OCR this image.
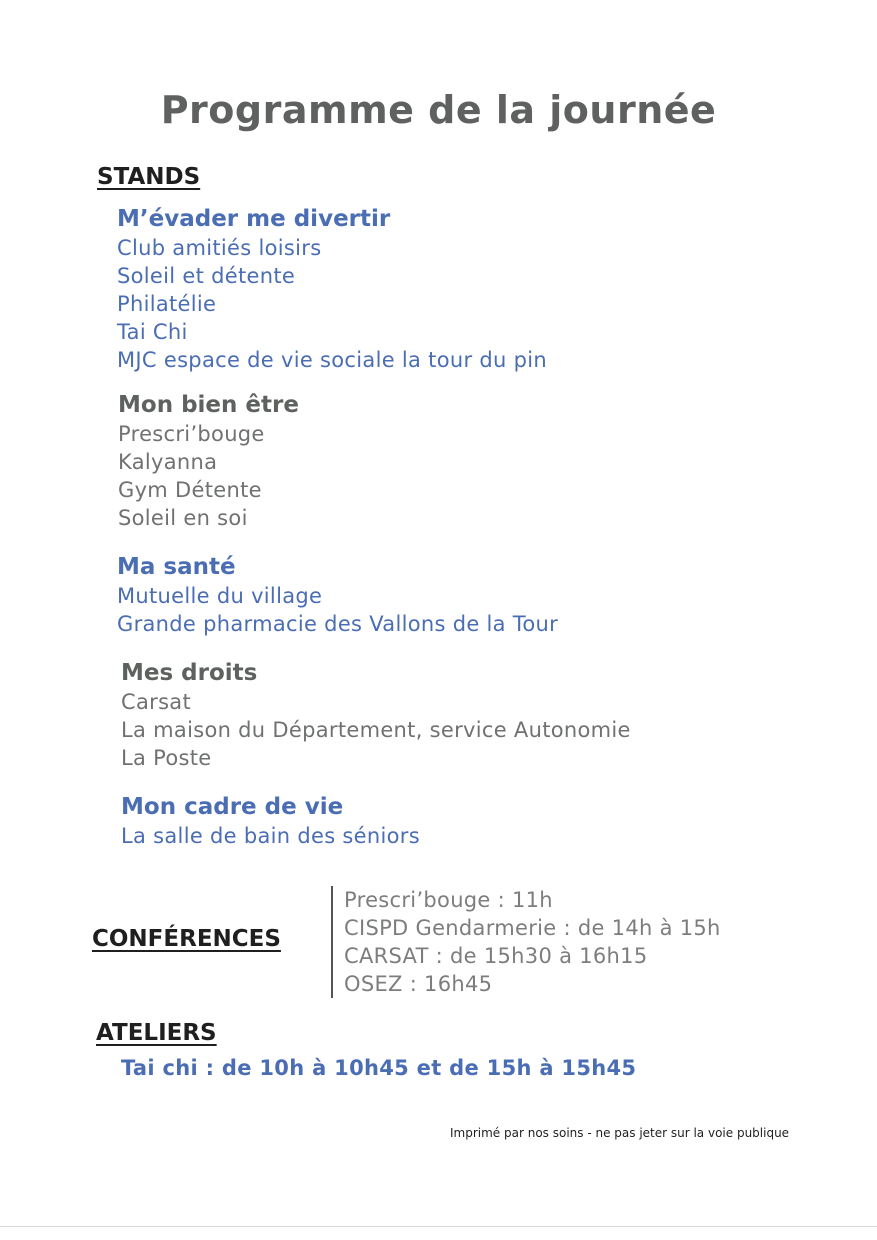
Programme de la journée
STANDS
M’évader me divertir
Club amitiés loisirs
Soleil et détente
Philatélie
Tai Chi
MJC espace de vie sociale la tour du pin
Mon bien être
Prescri’bouge
Kalyanna
Gym Détente
Soleil en soi
Ma santé
Mutuelle du village
Grande pharmacie des Vallons de la Tour
Mes droits
Carsat
La maison du Département, service Autonomie
La Poste
Mon cadre de vie
La salle de bain des séniors
CONFÉRENCES
Prescri’bouge : 11h
CISPD Gendarmerie : de 14h à 15h
CARSAT : de 15h30 à 16h15
OSEZ : 16h45
ATELIERS
Tai chi : de 10h à 10h45 et de 15h à 15h45
Imprimé par nos soins - ne pas jeter sur la voie publique
